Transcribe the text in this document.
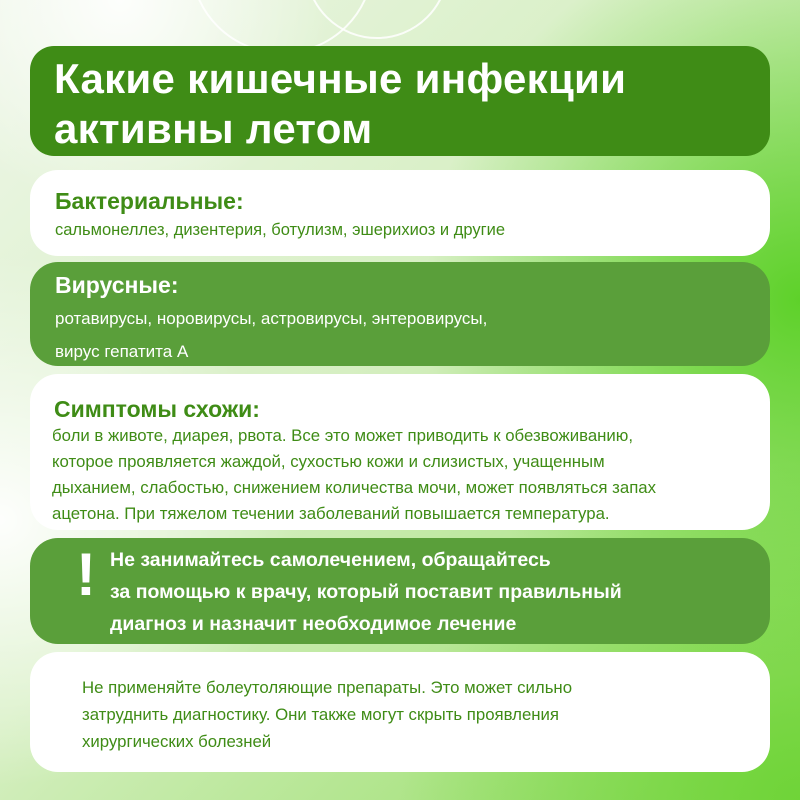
Какие кишечные инфекции

активны летом

Бактериальные:

сальмонеллез, дизентерия, ботулизм, эшерихиоз и другие

Вирусные:

ротавирусы, норовирусы, астровирусы, энтеровирусы,

вирус гепатита А

Симптомы схожи:

боли в животе, диарея, рвота. Все это может приводить к обезвоживанию,

которое проявляется жаждой, сухостью кожи и слизистых, учащенным

дыханием, слабостью, снижением количества мочи, может появляться запах

ацетона. При тяжелом течении заболеваний повышается температура.

! Не занимайтесь самолечением, обращайтесь

за помощью к врачу, который поставит правильный

диагноз и назначит необходимое лечение

Не применяйте болеутоляющие препараты. Это может сильно

затруднить диагностику. Они также могут скрыть проявления

хирургических болезней
